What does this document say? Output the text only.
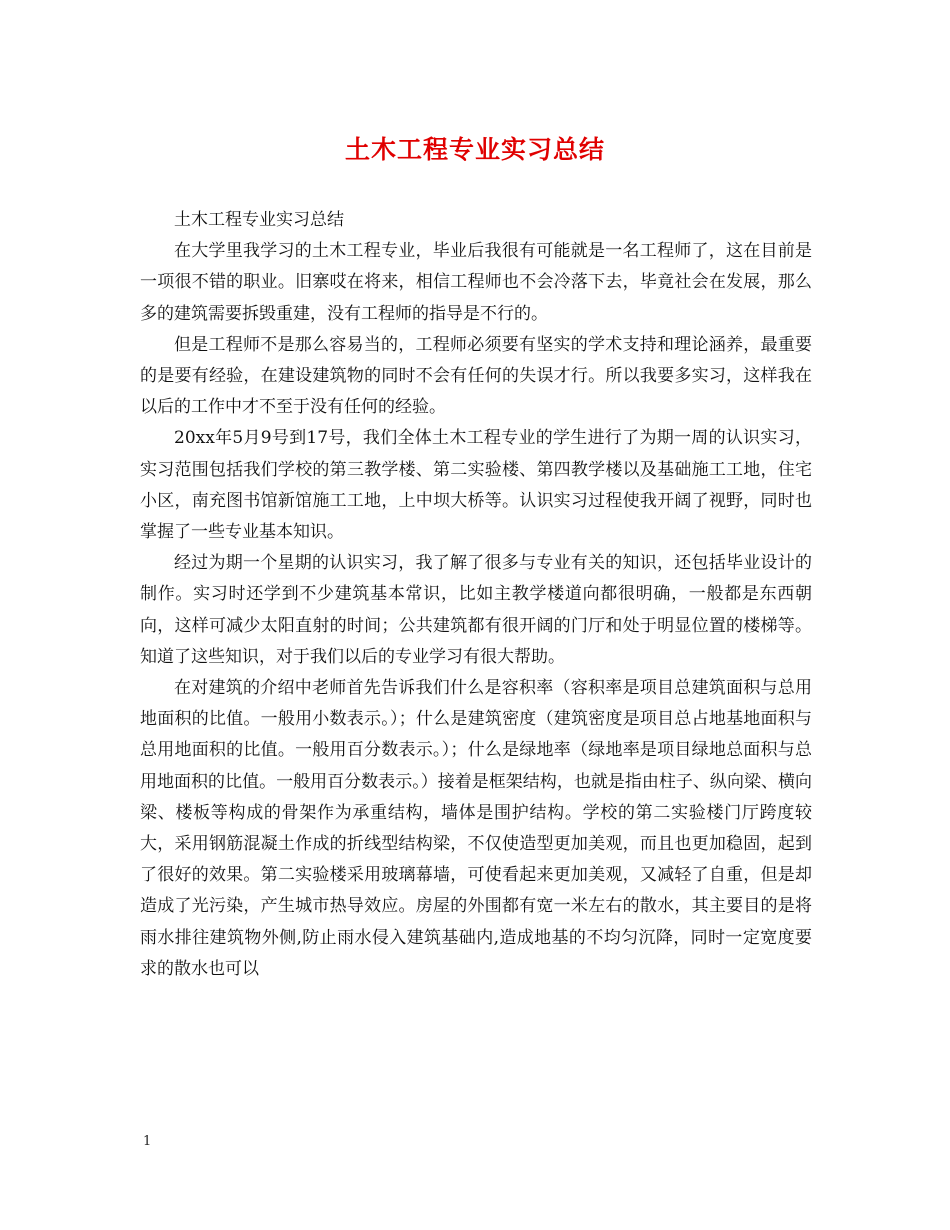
土木工程专业实习总结

土木工程专业实习总结

在大学里我学习的土木工程专业，毕业后我很有可能就是一名工程师了，这在目前是一项很不错的职业。旧寨哎在将来，相信工程师也不会冷落下去，毕竟社会在发展，那么多的建筑需要拆毁重建，没有工程师的指导是不行的。

但是工程师不是那么容易当的，工程师必须要有坚实的学术支持和理论涵养，最重要的是要有经验，在建设建筑物的同时不会有任何的失误才行。所以我要多实习，这样我在以后的工作中才不至于没有任何的经验。

20xx年5月9号到17号，我们全体土木工程专业的学生进行了为期一周的认识实习，实习范围包括我们学校的第三教学楼、第二实验楼、第四教学楼以及基础施工工地，住宅小区，南充图书馆新馆施工工地，上中坝大桥等。认识实习过程使我开阔了视野，同时也掌握了一些专业基本知识。

经过为期一个星期的认识实习，我了解了很多与专业有关的知识，还包括毕业设计的制作。实习时还学到不少建筑基本常识，比如主教学楼道向都很明确，一般都是东西朝向，这样可减少太阳直射的时间；公共建筑都有很开阔的门厅和处于明显位置的楼梯等。知道了这些知识，对于我们以后的专业学习有很大帮助。

在对建筑的介绍中老师首先告诉我们什么是容积率（容积率是项目总建筑面积与总用地面积的比值。一般用小数表示。）；什么是建筑密度（建筑密度是项目总占地基地面积与总用地面积的比值。一般用百分数表示。）；什么是绿地率（绿地率是项目绿地总面积与总用地面积的比值。一般用百分数表示。）接着是框架结构，也就是指由柱子、纵向梁、横向梁、楼板等构成的骨架作为承重结构，墙体是围护结构。学校的第二实验楼门厅跨度较大，采用钢筋混凝土作成的折线型结构梁，不仅使造型更加美观，而且也更加稳固，起到了很好的效果。第二实验楼采用玻璃幕墙，可使看起来更加美观，又减轻了自重，但是却造成了光污染，产生城市热导效应。房屋的外围都有宽一米左右的散水，其主要目的是将雨水排往建筑物外侧,防止雨水侵入建筑基础内,造成地基的不均匀沉降，同时一定宽度要求的散水也可以

1
